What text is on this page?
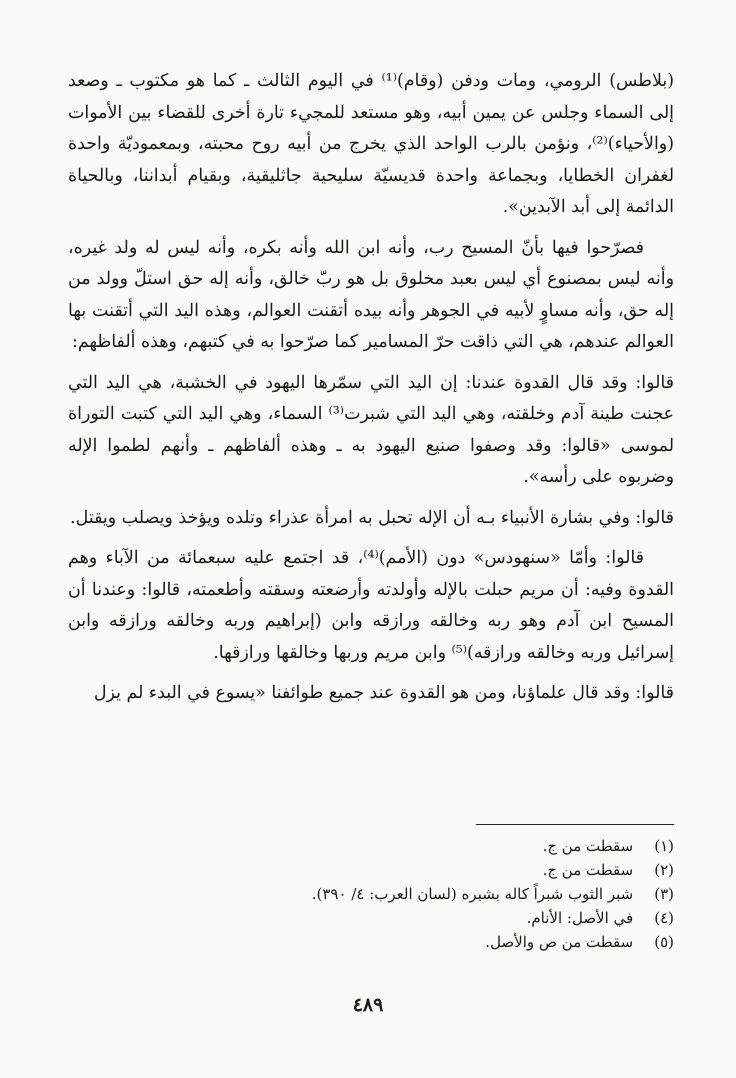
(بلاطس) الرومي، ومات ودفن (وقام)⁽¹⁾ في اليوم الثالث ـ كما هو مكتوب ـ وصعد إلى السماء وجلس عن يمين أبيه، وهو مستعد للمجيء تارة أخرى للقضاء بين الأموات (والأحياء)⁽²⁾، ونؤمن بالرب الواحد الذي يخرج من أبيه روح محبته، وبمعموديّة واحدة لغفران الخطايا، وبجماعة واحدة قديسيّة سليحية جاثليقية، وبقيام أبداننا، وبالحياة الدائمة إلى أبد الآبدين».

فصرّحوا فيها بأنّ المسيح رب، وأنه ابن الله وأنه بكره، وأنه ليس له ولد غيره، وأنه ليس بمصنوع أي ليس بعبد مخلوق بل هو ربّ خالق، وأنه إله حق استلّ وولد من إله حق، وأنه مساوٍ لأبيه في الجوهر وأنه بيده أتقنت العوالم، وهذه اليد التي أتقنت بها العوالم عندهم، هي التي ذاقت حرّ المسامير كما صرّحوا به في كتبهم، وهذه ألفاظهم:

قالوا: وقد قال القدوة عندنا: إن اليد التي سمّرها اليهود في الخشبة، هي اليد التي عجنت طينة آدم وخلقته، وهي اليد التي شبرت⁽³⁾ السماء، وهي اليد التي كتبت التوراة لموسى «قالوا: وقد وصفوا صنيع اليهود به ـ وهذه ألفاظهم ـ وأنهم لطموا الإله وضربوه على رأسه».

قالوا: وفي بشارة الأنبياء بـه أن الإله تحبل به امرأة عذراء وتلده ويؤخذ ويصلب ويقتل.

قالوا: وأمّا «سنهودس» دون (الأمم)⁽⁴⁾، قد اجتمع عليه سبعمائة من الآباء وهم القدوة وفيه: أن مريم حبلت بالإله وأولدته وأرضعته وسقته وأطعمته، قالوا: وعندنا أن المسيح ابن آدم وهو ربه وخالقه ورازقه وابن (إبراهيم وربه وخالقه ورازقه وابن إسرائيل وربه وخالقه ورازقه)⁽⁵⁾ وابن مريم وربها وخالقها ورازقها.

قالوا: وقد قال علماؤنا، ومن هو القدوة عند جميع طوائفنا «يسوع في البدء لم يزل

(١) سقطت من ج.
(٢) سقطت من ج.
(٣) شبر الثوب شبراً كاله بشبره (لسان العرب: ٤/ ٣٩٠).
(٤) في الأصل: الأنام.
(٥) سقطت من ص والأصل.
٤٨٩
